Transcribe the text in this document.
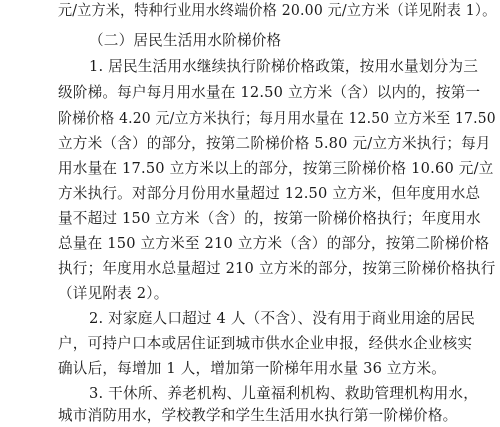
元/立方米，特种行业用水终端价格 20.00 元/立方米（详见附表 1）。
（二）居民生活用水阶梯价格
1. 居民生活用水继续执行阶梯价格政策，按用水量划分为三
级阶梯。每户每月用水量在 12.50 立方米（含）以内的，按第一
阶梯价格 4.20 元/立方米执行；每月用水量在 12.50 立方米至 17.50
立方米（含）的部分，按第二阶梯价格 5.80 元/立方米执行；每月
用水量在 17.50 立方米以上的部分，按第三阶梯价格 10.60 元/立
方米执行。对部分月份用水量超过 12.50 立方米，但年度用水总
量不超过 150 立方米（含）的，按第一阶梯价格执行；年度用水
总量在 150 立方米至 210 立方米（含）的部分，按第二阶梯价格
执行；年度用水总量超过 210 立方米的部分，按第三阶梯价格执行
（详见附表 2）。
2. 对家庭人口超过 4 人（不含）、没有用于商业用途的居民
户，可持户口本或居住证到城市供水企业申报，经供水企业核实
确认后，每增加 1 人，增加第一阶梯年用水量 36 立方米。
3. 干休所、养老机构、儿童福利机构、救助管理机构用水，
城市消防用水，学校教学和学生生活用水执行第一阶梯价格。
